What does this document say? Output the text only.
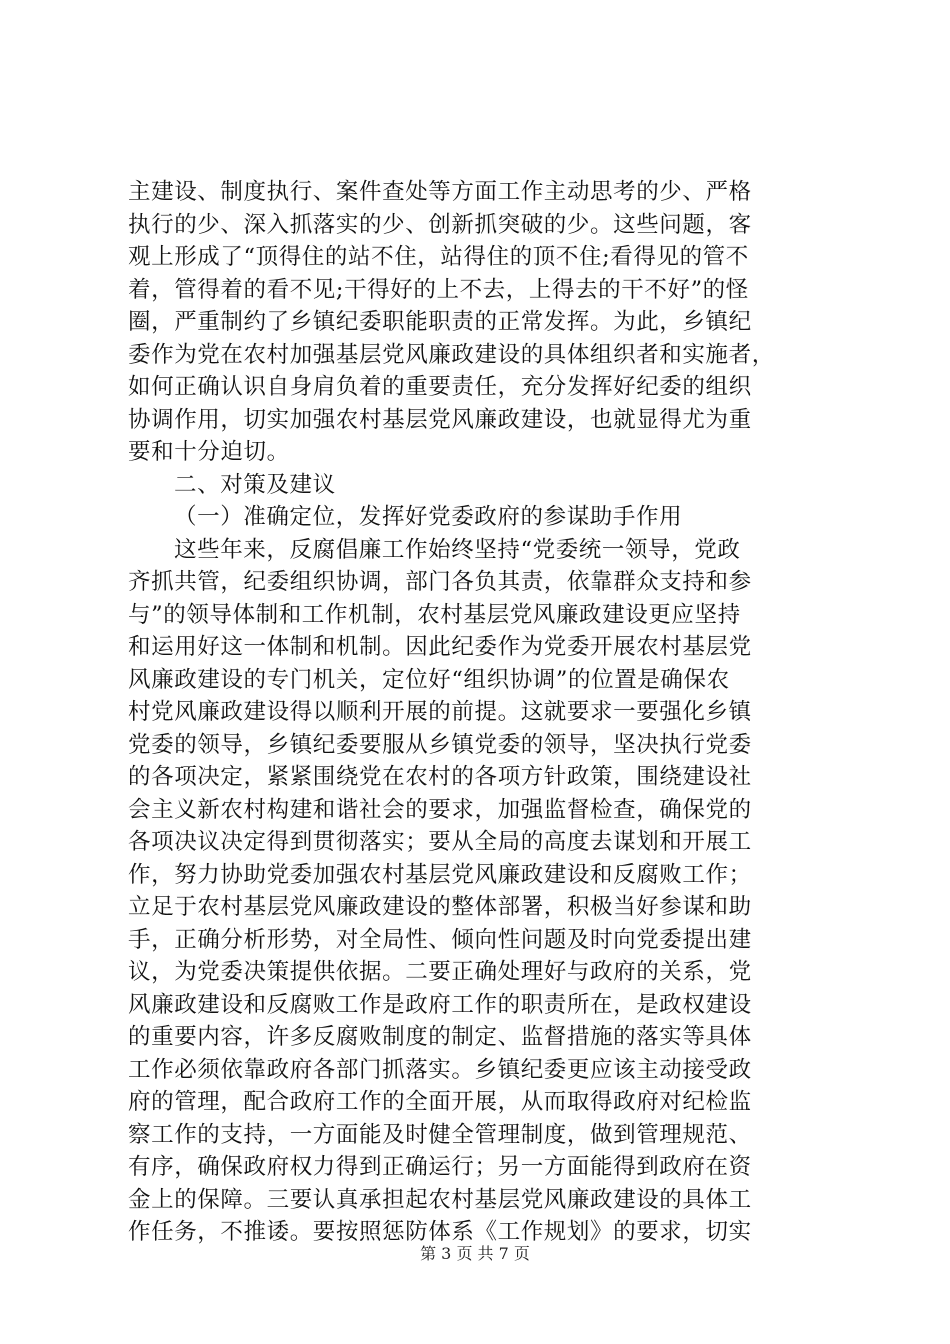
主建设、制度执行、案件查处等方面工作主动思考的少、严格
执行的少、深入抓落实的少、创新抓突破的少。这些问题，客
观上形成了“顶得住的站不住，站得住的顶不住;看得见的管不
着，管得着的看不见;干得好的上不去，上得去的干不好”的怪
圈，严重制约了乡镇纪委职能职责的正常发挥。为此，乡镇纪
委作为党在农村加强基层党风廉政建设的具体组织者和实施者，
如何正确认识自身肩负着的重要责任，充分发挥好纪委的组织
协调作用，切实加强农村基层党风廉政建设，也就显得尤为重
要和十分迫切。
二、对策及建议
（一）准确定位，发挥好党委政府的参谋助手作用
这些年来，反腐倡廉工作始终坚持“党委统一领导，党政
齐抓共管，纪委组织协调，部门各负其责，依靠群众支持和参
与”的领导体制和工作机制，农村基层党风廉政建设更应坚持
和运用好这一体制和机制。因此纪委作为党委开展农村基层党
风廉政建设的专门机关，定位好“组织协调”的位置是确保农
村党风廉政建设得以顺利开展的前提。这就要求一要强化乡镇
党委的领导，乡镇纪委要服从乡镇党委的领导，坚决执行党委
的各项决定，紧紧围绕党在农村的各项方针政策，围绕建设社
会主义新农村构建和谐社会的要求，加强监督检查，确保党的
各项决议决定得到贯彻落实；要从全局的高度去谋划和开展工
作，努力协助党委加强农村基层党风廉政建设和反腐败工作；
立足于农村基层党风廉政建设的整体部署，积极当好参谋和助
手，正确分析形势，对全局性、倾向性问题及时向党委提出建
议，为党委决策提供依据。二要正确处理好与政府的关系，党
风廉政建设和反腐败工作是政府工作的职责所在，是政权建设
的重要内容，许多反腐败制度的制定、监督措施的落实等具体
工作必须依靠政府各部门抓落实。乡镇纪委更应该主动接受政
府的管理，配合政府工作的全面开展，从而取得政府对纪检监
察工作的支持，一方面能及时健全管理制度，做到管理规范、
有序，确保政府权力得到正确运行；另一方面能得到政府在资
金上的保障。三要认真承担起农村基层党风廉政建设的具体工
作任务，不推诿。要按照惩防体系《工作规划》的要求，切实
第 3 页 共 7 页
